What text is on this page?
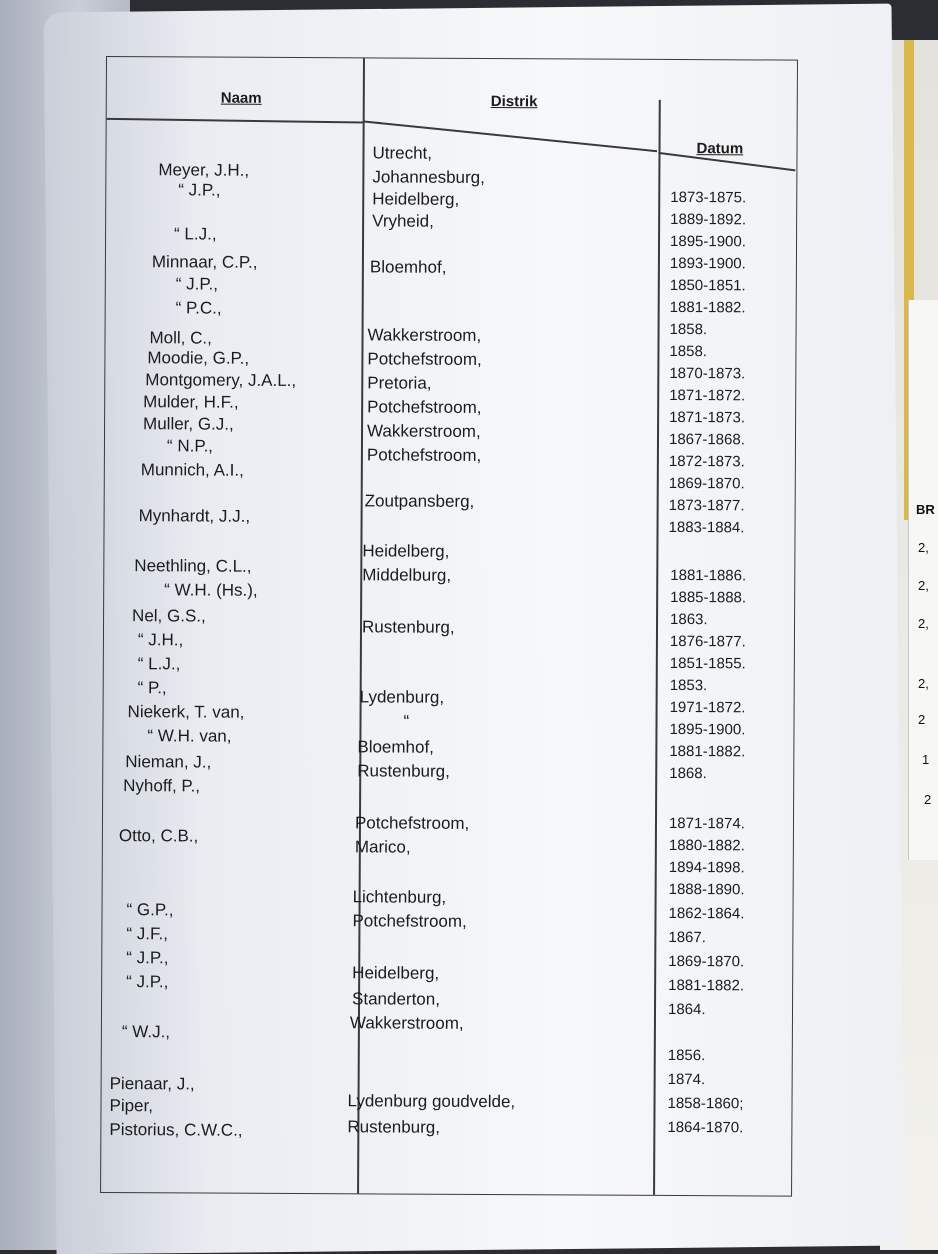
BR
2,
2,
2,
2,
2
1
2
Naam	Distrik
Datum
Meyer, J.H.,
“ J.P.,
“ L.J.,
Minnaar, C.P.,
“ J.P.,
“ P.C.,
Moll, C.,
Moodie, G.P.,
Montgomery, J.A.L.,
Mulder, H.F.,
Muller, G.J.,
“ N.P.,
Munnich, A.I.,
Mynhardt, J.J.,
Neethling, C.L.,
“ W.H. (Hs.),
Nel, G.S.,
“ J.H.,
“ L.J.,
“ P.,
Niekerk, T. van,
“ W.H. van,
Nieman, J.,
Nyhoff, P.,
Otto, C.B.,
“ G.P.,
“ J.F.,
“ J.P.,
“ J.P.,
“ W.J.,
Pienaar, J.,
Piper,
Pistorius, C.W.C.,
Utrecht,
Johannesburg,
Heidelberg,
Vryheid,
Bloemhof,
Wakkerstroom,
Potchefstroom,
Pretoria,
Potchefstroom,
Wakkerstroom,
Potchefstroom,
Zoutpansberg,
Heidelberg,
Middelburg,
Rustenburg,
Lydenburg,
“
Bloemhof,
Rustenburg,
Potchefstroom,
Marico,
Lichtenburg,
Potchefstroom,
Heidelberg,
Standerton,
Wakkerstroom,
Lydenburg goudvelde,
Rustenburg,
1873-1875.
1889-1892.
1895-1900.
1893-1900.
1850-1851.
1881-1882.
1858.
1858.
1870-1873.
1871-1872.
1871-1873.
1867-1868.
1872-1873.
1869-1870.
1873-1877.
1883-1884.
1881-1886.
1885-1888.
1863.
1876-1877.
1851-1855.
1853.
1971-1872.
1895-1900.
1881-1882.
1868.
1871-1874.
1880-1882.
1894-1898.
1888-1890.
1862-1864.
1867.
1869-1870.
1881-1882.
1864.
1856.
1874.
1858-1860;
1864-1870.
